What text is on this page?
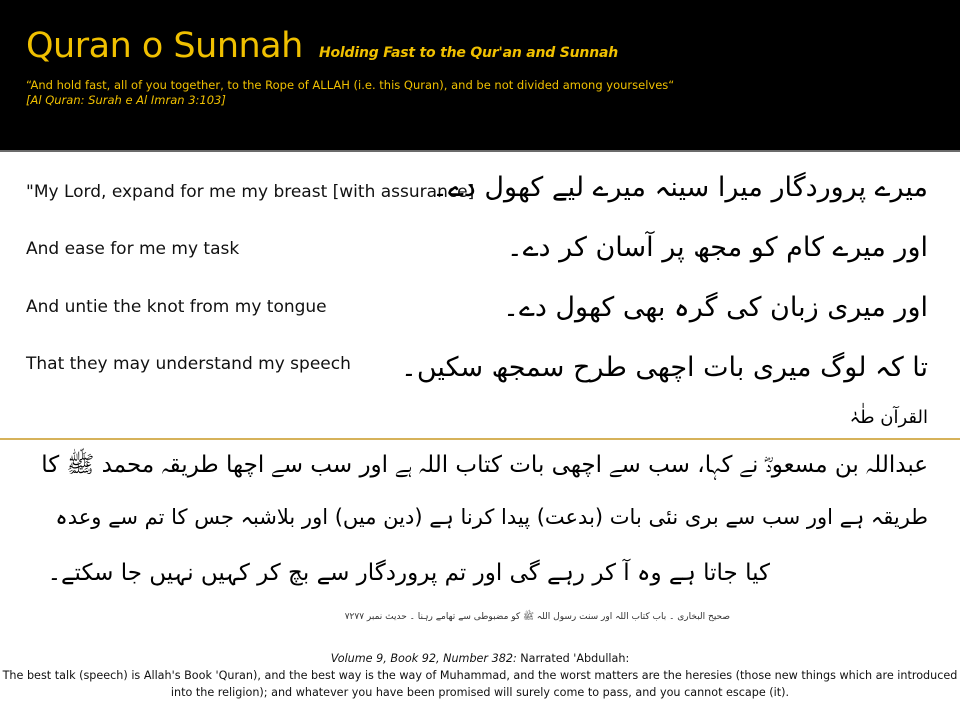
Quran o Sunnah Holding Fast to the Qur'an and Sunnah
“And hold fast, all of you together, to the Rope of ALLAH (i.e. this Quran), and be not divided among yourselves“
[Al Quran: Surah e Al Imran 3:103]
"My Lord, expand for me my breast [with assurance]
And ease for me my task
And untie the knot from my tongue
That they may understand my speech
میرے پروردگار میرا سینہ میرے لیے کھول دے۔
اور میرے کام کو مجھ پر آسان کر دے۔
اور میری زبان کی گرہ بھی کھول دے۔
تا کہ لوگ میری بات اچھی طرح سمجھ سکیں۔
القرآن طٰہٰ
عبداللہ بن مسعودؓ نے کہا، سب سے اچھی بات کتاب اللہ ہے اور سب سے اچھا طریقہ محمد ﷺ کا
طریقہ ہے اور سب سے بری نئی بات (بدعت) پیدا کرنا ہے (دین میں) اور بلاشبہ جس کا تم سے وعدہ
کیا جاتا ہے وہ آ کر رہے گی اور تم پروردگار سے بچ کر کہیں نہیں جا سکتے۔
صحیح البخاری ۔ باب کتاب اللہ اور سنت رسول اللہ ﷺ کو مضبوطی سے تھامے رہنا ۔ حدیث نمبر ۷۲۷۷
Volume 9, Book 92, Number 382: Narrated 'Abdullah:
The best talk (speech) is Allah's Book 'Quran), and the best way is the way of Muhammad, and the worst matters are the heresies (those new things which are introduced into the religion); and whatever you have been promised will surely come to pass, and you cannot escape (it).
